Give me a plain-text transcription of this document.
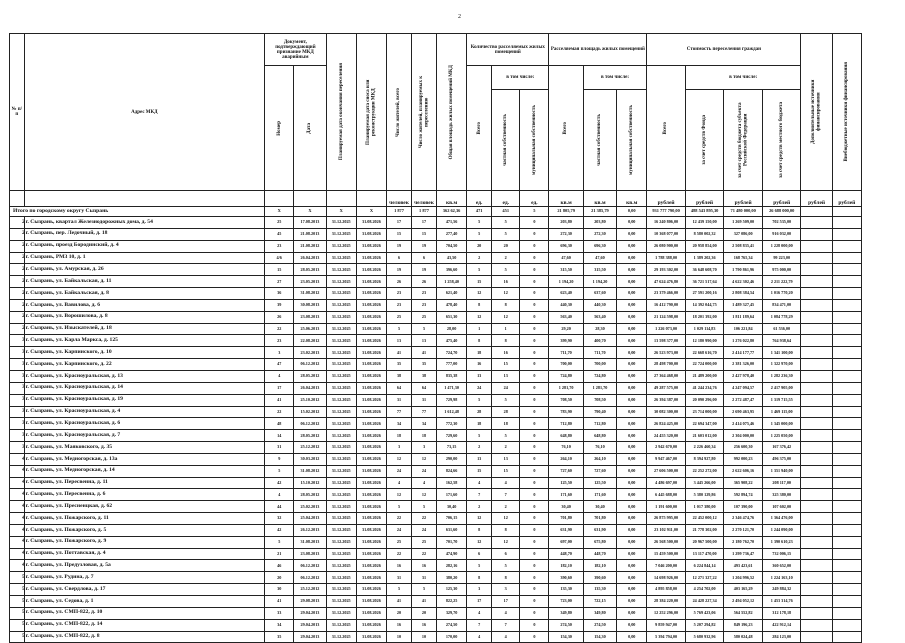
2
№ п/п	Адрес МКД	Документ, подтверждающий признание МКД аварийным		Планируемая дата окончания переселения	Планируемая дата сноса или реконструкции МКД	Число жителей, всего	Число жителей, планируемых к переселению	Общая площадь жилых помещений МКД	Количество расселяемых жилых помещений			Расселяемая площадь жилых помещений			Стоимость переселения граждан				Дополнительные источники финансирования	Внебюджетные источники финансирования

		Номер	Дата						Всего	в том числе:		Всего	в том числе:		Всего	в том числе:				

										частная собственность	муниципальная собственность		частная собственность	муниципальная собственность		за счет средств Фонда	за счет средств бюджета субъекта Российской Федерации	за счет средств местного бюджета		

						человек	человек	кв.м	ед.	ед.	ед.	кв.м	кв.м	кв.м	рублей	рублей	рублей	рублей	рублей	рублей
Итого по городскому округу Сызрань		X	X	X	X	1 877	1 877	362 62,36	471	451	5	21 805,79	21 385,79	0,00	931 777 790,00	488 543 895,30	71 480 000,00	26 688 000,00		
	г. Сызрань, квартал Железнодорожных дома, д. 54	25	17.08.2013	31.12.2025	31.08.2026	17	17	471,56	5	5	0	203,80	203,80	0,00	16 240 806,00	12 439 150,00	1 269 509,00	702 535,00		
	г. Сызрань, пер. Ледочный, д. 18	45	21.08.2013	31.12.2025	31.08.2026	15	15	277,40	5	5	0	272,30	272,30	0,00	10 368 077,00	8 580 002,32	327 086,00	916 032,00		
	г. Сызрань, проезд Бородинский, д. 4	23	21.08.2012	31.12.2025	31.08.2026	19	19	704,50	20	20	0	696,30	696,30	0,00	26 080 900,00	20 958 854,00	2 508 835,41	1 228 000,00		
	г. Сызрань, РМЗ 10, д. 1	4/6	26.04.2013	31.12.2025	31.08.2026	6	6	43,50	2	2	0	47,60	47,60	0,00	1 788 388,00	1 389 202,36	168 765,34	99 223,00		
	г. Сызрань, ул. Амурская, д. 26	15	28.05.2013	31.12.2025	31.08.2026	19	19	396,60	5	5	0	315,50	315,50	0,00	29 193 302,00	36 648 608,70	1 790 861,96	975 000,00		
	г. Сызрань, ул. Байкальская, д. 11	27	23.05.2013	31.12.2025	31.08.2026	26	26	1 258,40	15	16	0	1 194,20	1 194,20	0,00	47 624 476,80	36 721 517,64	4 622 302,46	2 211 222,79		
	г. Сызрань, ул. Байкальская, д. 8	36	31.08.2012	31.12.2025	31.08.2026	23	23	621,40	12	12	0	623,40	637,60	0,00	23 379 466,00	27 591 200,16	2 808 384,54	1 016 770,20		
	г. Сызрань, ул. Вавилова, д. 6	39	30.08.2013	31.12.2025	31.08.2026	23	23	478,40	8	8	0	440,30	440,30	0,00	16 412 790,00	14 392 044,75	1 489 327,45	834 471,00		
	г. Сызрань, ул. Ворошилова, д. 8	26	23.08.2013	31.12.2025	31.08.2026	25	25	651,30	12	12	0	563,40	563,40	0,00	21 124 598,00	18 201 392,00	1 811 189,64	1 084 778,29		
	г. Сызрань, ул. Изыскателей, д. 18	22	25.06.2013	31.12.2025	31.08.2026	5	5	28,00	1	1	0	29,20	28,30	0,00	1 226 073,00	1 029 114,83	106 221,84	61 536,00		
	г. Сызрань, ул. Карла Маркса, д. 125	23	22.08.2012	31.12.2025	31.08.2026	13	13	475,40	8	8	0	399,90	400,70	0,00	13 598 377,00	12 180 990,00	1 276 022,80	764 938,64		
	г. Сызрань, ул. Карпинского, д. 10	3	23.02.2013	31.12.2025	31.08.2026	41	41	724,70	18	16	0	711,70	711,70	0,00	26 523 973,00	22 668 616,70	2 414 177,77	1 341 100,00		
	г. Сызрань, ул. Карпинского, д. 22	47	06.12.2012	31.12.2025	31.08.2026	35	35	777,00	16	15	0	700,00	700,00	0,00	28 498 700,00	22 724 000,00	2 381 326,00	1 322 970,00		
	г. Сызрань, ул. Красноуральская, д. 13	4	28.05.2012	31.12.2025	31.08.2026	38	38	835,38	13	13	0	724,80	724,80	0,00	27 364 468,00	21 489 200,00	2 427 978,40	1 282 236,30		
	г. Сызрань, ул. Красноуральская, д. 14	17	26.04.2013	31.12.2025	31.08.2026	64	64	1 471,30	24	24	0	1 281,70	1 281,70	0,00	49 287 575,00	41 244 234,76	4 247 094,57	2 417 905,00		
	г. Сызрань, ул. Красноуральская, д. 19	41	25.10.2012	31.12.2025	31.08.2026	31	31	729,98	5	5	0	708,50	708,50	0,00	26 394 387,00	20 090 296,00	2 272 487,47	1 319 715,55		
	г. Сызрань, ул. Красноуральская, д. 4	22	15.02.2012	31.12.2025	31.08.2026	77	77	1 612,48	28	28	0	783,90	790,40	0,00	30 082 300,00	23 714 000,00	2 690 463,95	1 469 115,00		
	г. Сызрань, ул. Красноуральская, д. 6	48	06.12.2012	31.12.2025	31.08.2026	34	34	772,30	18	18	0	712,80	712,80	0,00	26 824 425,00	22 694 347,00	2 414 075,46	1 345 000,00		
	г. Сызрань, ул. Красноуральская, д. 7	14	28.05.2012	31.12.2025	31.08.2026	18	18	729,60	5	5	0	648,80	648,80	0,00	24 455 320,00	21 603 012,00	2 304 000,00	1 225 050,00		
	г. Сызрань, ул. Маяковского, д. 35	31	25.12.2012	31.12.2025	31.08.2026	3	3	73,15	2	2	0	76,10	76,10	0,00	2 942 670,00	2 226 460,34	256 600,30	167 376,42		
	г. Сызрань, ул. Медногорская, д. 13а	9	30.03.2012	31.12.2025	31.08.2026	12	12	290,00	13	13	0	264,10	264,10	0,00	9 947 467,00	8 394 927,80	992 000,23	496 375,00		
	г. Сызрань, ул. Медногорская, д. 14	5	31.08.2012	31.12.2025	31.08.2026	24	24	824,66	15	15	0	727,60	727,60	0,00	27 606 500,00	22 252 272,00	2 622 606,16	1 351 940,00		
	г. Сызрань, ул. Пересвенна, д. 11	42	15.10.2012	31.12.2025	31.08.2026	4	4	162,58	4	4	0	125,50	125,50	0,00	4 486 697,00	3 445 266,00	365 908,22	208 117,00		
	г. Сызрань, ул. Пересвенна, д. 6	4	28.05.2012	31.12.2025	31.08.2026	12	12	171,60	7	7	0	171,60	171,60	0,00	6 445 688,00	5 380 129,86	592 894,74	325 380,00		
	г. Сызрань, ул. Пресненцкая, д. 62	44	25.02.2013	31.12.2025	31.08.2026	5	5	30,40	2	2	0	30,40	30,40	0,00	1 191 600,00	1 017 380,00	107 390,00	107 602,00		
	г. Сызрань, ул. Пожарского, д. 11	32	25.04.2013	31.12.2025	31.08.2026	22	22	706,15	12	12	0	701,80	701,80	0,00	26 875 995,00	22 452 000,12	2 346 474,76	1 364 476,00		
	г. Сызрань, ул. Пожарского, д. 5	42	26.12.2013	31.12.2025	31.08.2026	24	24	631,60	8	8	0	631,90	631,90	0,00	23 102 911,00	21 778 302,00	2 270 121,70	1 244 090,00		
	г. Сызрань, ул. Пожарского, д. 9	5	31.08.2013	31.12.2025	31.08.2026	25	25	701,70	12	12	0	697,00	675,80	0,00	26 568 500,00	20 967 500,00	2 180 762,70	1 390 610,23		
	г. Сызрань, ул. Поттавская, д. 4	21	23.08.2013	31.12.2025	31.08.2026	22	22	474,90	6	6	0	448,70	448,70	0,00	15 459 500,00	13 117 470,00	1 299 736,47	732 006,15		
	г. Сызрань, ул. Предузловая, д. 5а	46	06.12.2012	31.12.2025	31.08.2026	16	16	282,16	5	5	0	182,10	182,10	0,00	7 046 200,00	6 224 844,14	493 423,61	360 652,00		
	г. Сызрань, ул. Рудина, д. 7	20	06.12.2012	31.12.2025	31.08.2026	31	31	380,20	8	8	0	390,60	390,60	0,00	14 698 926,00	12 271 327,22	1 204 996,52	1 224 163,10		
	г. Сызрань, ул. Свердлова, д. 17	30	25.12.2012	31.12.2025	31.08.2026	5	5	125,30	3	3	0	135,30	135,30	0,00	4 895 858,00	4 254 702,00	403 165,29	249 884,32		
	г. Сызрань, ул. Седова, д. 1	41	29.08.2013	31.12.2025	31.08.2026	41	41	822,25	17	17	0	723,00	722,15	0,00	28 384 220,00	24 428 227,34	2 494 052,12	1 453 314,76		
	г. Сызрань, ул. СМП-822, д. 10	33	29.04.2013	31.12.2025	31.08.2026	20	20	329,70	4	4	0	349,80	349,80	0,00	12 252 296,00	5 769 423,06	564 552,82	312 178,18		
	г. Сызрань, ул. СМП-822, д. 14	34	29.04.2013	31.12.2025	31.08.2026	16	16	274,50	7	7	0	274,50	274,50	0,00	9 859 947,00	5 207 294,82	849 196,23	422 912,14		
	г. Сызрань, ул. СМП-822, д. 8	35	29.04.2013	31.12.2025	31.08.2026	10	10	170,00	4	4	0	154,30	154,30	0,00	5 394 794,00	5 680 932,96	580 024,48	284 123,00		
